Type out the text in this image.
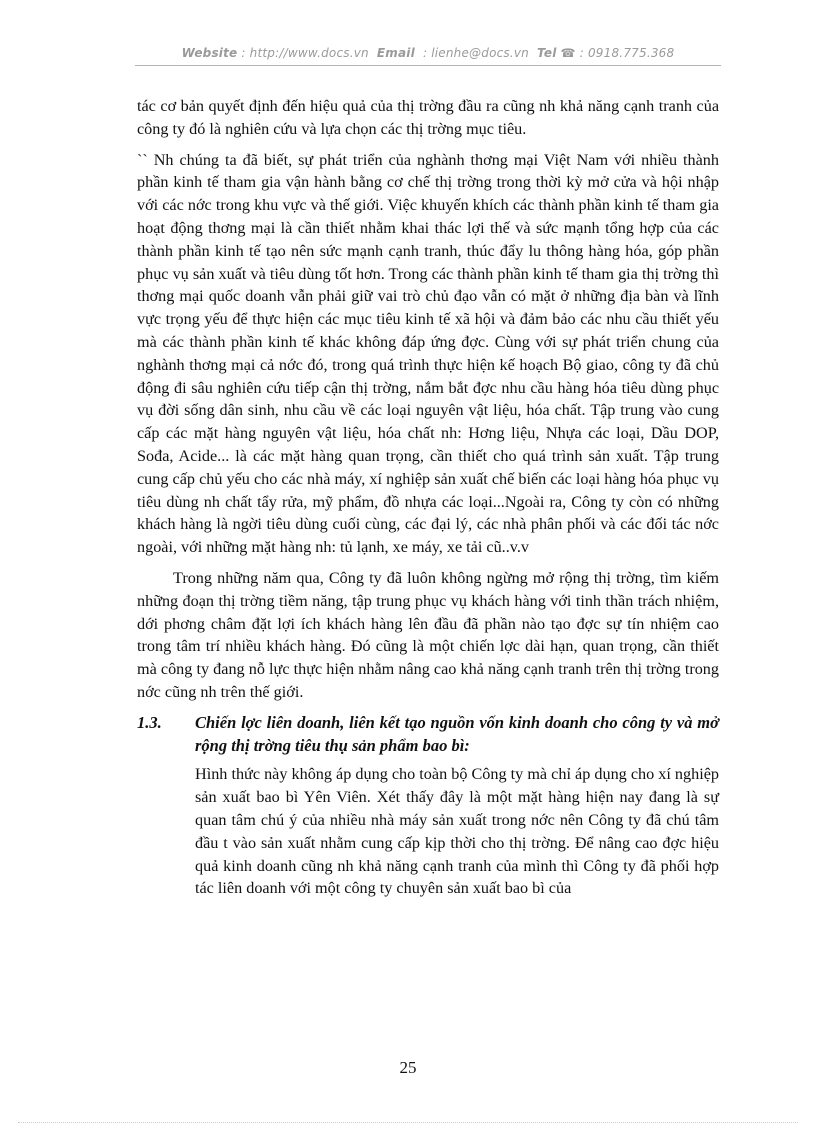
Website : http://www.docs.vn Email : lienhe@docs.vn Tel ☎ : 0918.775.368

tác cơ bản quyết định đến hiệu quả của thị trờng đầu ra cũng nh khả năng cạnh tranh của công ty đó là nghiên cứu và lựa chọn các thị trờng mục tiêu.

`` Nh chúng ta đã biết, sự phát triển của nghành thơng mại Việt Nam với nhiều thành phần kinh tế tham gia vận hành bằng cơ chế thị trờng trong thời kỳ mở cửa và hội nhập với các nớc trong khu vực và thế giới. Việc khuyến khích các thành phần kinh tế tham gia hoạt động thơng mại là cần thiết nhằm khai thác lợi thế và sức mạnh tổng hợp của các thành phần kinh tế tạo nên sức mạnh cạnh tranh, thúc đẩy lu thông hàng hóa, góp phần phục vụ sản xuất và tiêu dùng tốt hơn. Trong các thành phần kinh tế tham gia thị trờng thì thơng mại quốc doanh vẫn phải giữ vai trò chủ đạo vẫn có mặt ở những địa bàn và lĩnh vực trọng yếu để thực hiện các mục tiêu kinh tế xã hội và đảm bảo các nhu cầu thiết yếu mà các thành phần kinh tế khác không đáp ứng đợc. Cùng với sự phát triển chung của nghành thơng mại cả nớc đó, trong quá trình thực hiện kế hoạch Bộ giao, công ty đã chủ động đi sâu nghiên cứu tiếp cận thị trờng, nắm bắt đợc nhu cầu hàng hóa tiêu dùng phục vụ đời sống dân sinh, nhu cầu về các loại nguyên vật liệu, hóa chất. Tập trung vào cung cấp các mặt hàng nguyên vật liệu, hóa chất nh: Hơng liệu, Nhựa các loại, Dầu DOP, Sođa, Acide... là các mặt hàng quan trọng, cần thiết cho quá trình sản xuất. Tập trung cung cấp chủ yếu cho các nhà máy, xí nghiệp sản xuất chế biến các loại hàng hóa phục vụ tiêu dùng nh chất tẩy rửa, mỹ phẩm, đồ nhựa các loại...Ngoài ra, Công ty còn có những khách hàng là ngời tiêu dùng cuối cùng, các đại lý, các nhà phân phối và các đối tác nớc ngoài, với những mặt hàng nh: tủ lạnh, xe máy, xe tải cũ..v.v

Trong những năm qua, Công ty đã luôn không ngừng mở rộng thị trờng, tìm kiếm những đoạn thị trờng tiềm năng, tập trung phục vụ khách hàng với tinh thần trách nhiệm, dới phơng châm đặt lợi ích khách hàng lên đầu đã phần nào tạo đợc sự tín nhiệm cao trong tâm trí nhiều khách hàng. Đó cũng là một chiến lợc dài hạn, quan trọng, cần thiết mà công ty đang nỗ lực thực hiện nhằm nâng cao khả năng cạnh tranh trên thị trờng trong nớc cũng nh trên thế giới.

1.3.	Chiến lợc liên doanh, liên kết tạo nguồn vốn kinh doanh cho công ty và mở rộng thị trờng tiêu thụ sản phẩm bao bì:

Hình thức này không áp dụng cho toàn bộ Công ty mà chỉ áp dụng cho xí nghiệp sản xuất bao bì Yên Viên. Xét thấy đây là một mặt hàng hiện nay đang là sự quan tâm chú ý của nhiều nhà máy sản xuất trong nớc nên Công ty đã chú tâm đầu t vào sản xuất nhằm cung cấp kịp thời cho thị trờng. Để nâng cao đợc hiệu quả kinh doanh cũng nh khả năng cạnh tranh của mình thì Công ty đã phối hợp tác liên doanh với một công ty chuyên sản xuất bao bì của

25
